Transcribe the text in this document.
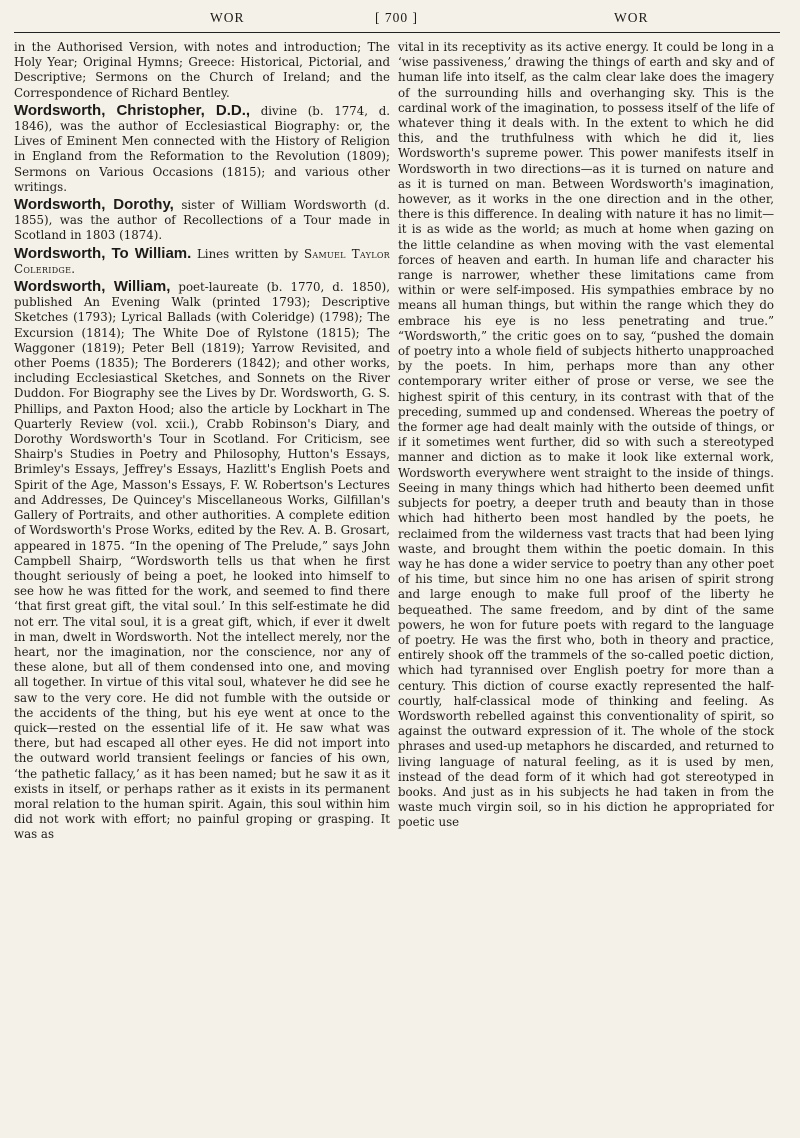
WOR	[ 700 ]	WOR

in the Authorised Version, with notes and introduction; The Holy Year; Original Hymns; Greece: Historical, Pictorial, and Descriptive; Sermons on the Church of Ireland; and the Correspondence of Richard Bentley.

Wordsworth, Christopher, D.D., divine (b. 1774, d. 1846), was the author of Ecclesiastical Biography: or, the Lives of Eminent Men connected with the History of Religion in England from the Reformation to the Revolution (1809); Sermons on Various Occasions (1815); and various other writings.

Wordsworth, Dorothy, sister of William Wordsworth (d. 1855), was the author of Recollections of a Tour made in Scotland in 1803 (1874).

Wordsworth, To William. Lines written by Samuel Taylor Coleridge.

Wordsworth, William, poet-laureate (b. 1770, d. 1850), published An Evening Walk (printed 1793); Descriptive Sketches (1793); Lyrical Ballads (with Coleridge) (1798); The Excursion (1814); The White Doe of Rylstone (1815); The Waggoner (1819); Peter Bell (1819); Yarrow Revisited, and other Poems (1835); The Borderers (1842); and other works, including Ecclesiastical Sketches, and Sonnets on the River Duddon. For Biography see the Lives by Dr. Wordsworth, G. S. Phillips, and Paxton Hood; also the article by Lockhart in The Quarterly Review (vol. xcii.), Crabb Robinson's Diary, and Dorothy Wordsworth's Tour in Scotland. For Criticism, see Shairp's Studies in Poetry and Philosophy, Hutton's Essays, Brimley's Essays, Jeffrey's Essays, Hazlitt's English Poets and Spirit of the Age, Masson's Essays, F. W. Robertson's Lectures and Addresses, De Quincey's Miscellaneous Works, Gilfillan's Gallery of Portraits, and other authorities. A complete edition of Wordsworth's Prose Works, edited by the Rev. A. B. Grosart, appeared in 1875. “In the opening of The Prelude,” says John Campbell Shairp, “Wordsworth tells us that when he first thought seriously of being a poet, he looked into himself to see how he was fitted for the work, and seemed to find there ‘that first great gift, the vital soul.’ In this self-estimate he did not err. The vital soul, it is a great gift, which, if ever it dwelt in man, dwelt in Wordsworth. Not the intellect merely, nor the heart, nor the imagination, nor the conscience, nor any of these alone, but all of them condensed into one, and moving all together. In virtue of this vital soul, whatever he did see he saw to the very core. He did not fumble with the outside or the accidents of the thing, but his eye went at once to the quick—rested on the essential life of it. He saw what was there, but had escaped all other eyes. He did not import into the outward world transient feelings or fancies of his own, ‘the pathetic fallacy,’ as it has been named; but he saw it as it exists in itself, or perhaps rather as it exists in its permanent moral relation to the human spirit. Again, this soul within him did not work with effort; no painful groping or grasping. It was as

vital in its receptivity as its active energy. It could be long in a ‘wise passiveness,’ drawing the things of earth and sky and of human life into itself, as the calm clear lake does the imagery of the surrounding hills and overhanging sky. This is the cardinal work of the imagination, to possess itself of the life of whatever thing it deals with. In the extent to which he did this, and the truthfulness with which he did it, lies Wordsworth's supreme power. This power manifests itself in Wordsworth in two directions—as it is turned on nature and as it is turned on man. Between Wordsworth's imagination, however, as it works in the one direction and in the other, there is this difference. In dealing with nature it has no limit—it is as wide as the world; as much at home when gazing on the little celandine as when moving with the vast elemental forces of heaven and earth. In human life and character his range is narrower, whether these limitations came from within or were self-imposed. His sympathies embrace by no means all human things, but within the range which they do embrace his eye is no less penetrating and true.” “Wordsworth,” the critic goes on to say, “pushed the domain of poetry into a whole field of subjects hitherto unapproached by the poets. In him, perhaps more than any other contemporary writer either of prose or verse, we see the highest spirit of this century, in its contrast with that of the preceding, summed up and condensed. Whereas the poetry of the former age had dealt mainly with the outside of things, or if it sometimes went further, did so with such a stereotyped manner and diction as to make it look like external work, Wordsworth everywhere went straight to the inside of things. Seeing in many things which had hitherto been deemed unfit subjects for poetry, a deeper truth and beauty than in those which had hitherto been most handled by the poets, he reclaimed from the wilderness vast tracts that had been lying waste, and brought them within the poetic domain. In this way he has done a wider service to poetry than any other poet of his time, but since him no one has arisen of spirit strong and large enough to make full proof of the liberty he bequeathed. The same freedom, and by dint of the same powers, he won for future poets with regard to the language of poetry. He was the first who, both in theory and practice, entirely shook off the trammels of the so-called poetic diction, which had tyrannised over English poetry for more than a century. This diction of course exactly represented the half-courtly, half-classical mode of thinking and feeling. As Wordsworth rebelled against this conventionality of spirit, so against the outward expression of it. The whole of the stock phrases and used-up metaphors he discarded, and returned to living language of natural feeling, as it is used by men, instead of the dead form of it which had got stereotyped in books. And just as in his subjects he had taken in from the waste much virgin soil, so in his diction he appropriated for poetic use
